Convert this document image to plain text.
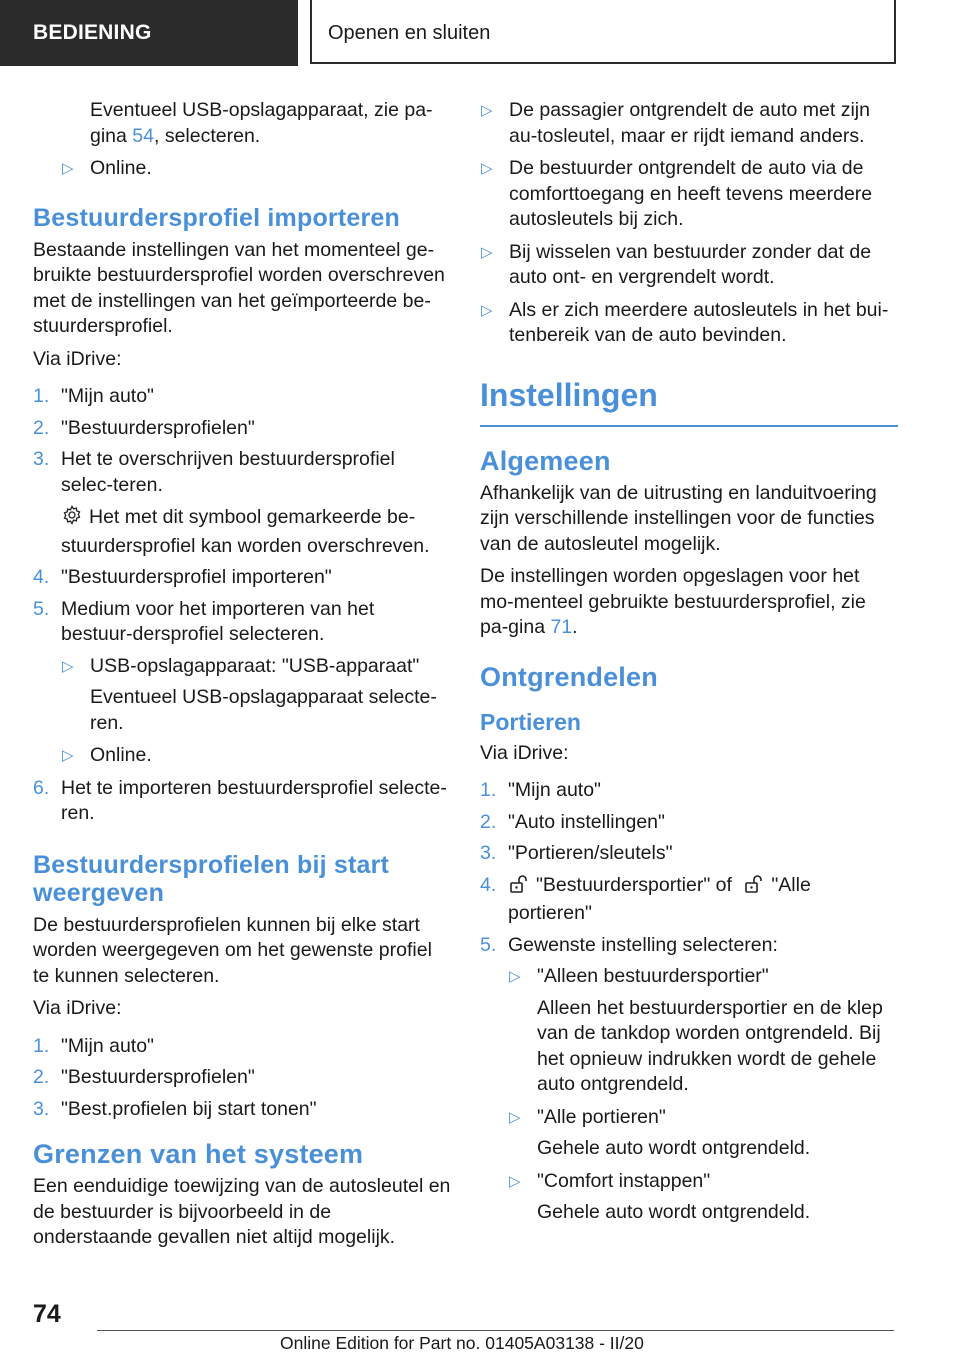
BEDIENING	Openen en sluiten

Eventueel USB-opslagapparaat, zie pa-gina 54, selecteren.

▷ Online.
Bestuurdersprofiel importeren

Bestaande instellingen van het momenteel ge-bruikte bestuurdersprofiel worden overschreven met de instellingen van het geïmporteerde be-stuurdersprofiel.

Via iDrive:

1. "Mijn auto"
2. "Bestuurdersprofielen"
3. Het te overschrijven bestuurdersprofiel selec-teren.
Het met dit symbool gemarkeerde be-stuurdersprofiel kan worden overschreven.
4. "Bestuurdersprofiel importeren"
5. Medium voor het importeren van het bestuur-dersprofiel selecteren.
▷ USB-opslagapparaat: "USB-apparaat"
Eventueel USB-opslagapparaat selecte-ren.
▷ Online.
6. Het te importeren bestuurdersprofiel selecte-ren.
Bestuurdersprofielen bij start weergeven

De bestuurdersprofielen kunnen bij elke start worden weergegeven om het gewenste profiel te kunnen selecteren.

Via iDrive:

1. "Mijn auto"
2. "Bestuurdersprofielen"
3. "Best.profielen bij start tonen"
Grenzen van het systeem

Een eenduidige toewijzing van de autosleutel en de bestuurder is bijvoorbeeld in de onderstaande gevallen niet altijd mogelijk.

▷ De passagier ontgrendelt de auto met zijn au-tosleutel, maar er rijdt iemand anders.
▷ De bestuurder ontgrendelt de auto via de comforttoegang en heeft tevens meerdere autosleutels bij zich.
▷ Bij wisselen van bestuurder zonder dat de auto ont- en vergrendelt wordt.
▷ Als er zich meerdere autosleutels in het bui-tenbereik van de auto bevinden.
Instellingen
Algemeen

Afhankelijk van de uitrusting en landuitvoering zijn verschillende instellingen voor de functies van de autosleutel mogelijk.

De instellingen worden opgeslagen voor het mo-menteel gebruikte bestuurdersprofiel, zie pa-gina 71.

Ontgrendelen
Portieren

Via iDrive:

1. "Mijn auto"
2. "Auto instellingen"
3. "Portieren/sleutels"
4. "Bestuurdersportier" of "Alle portieren"
5. Gewenste instelling selecteren:
▷ "Alleen bestuurdersportier"
Alleen het bestuurdersportier en de klep van de tankdop worden ontgrendeld. Bij het opnieuw indrukken wordt de gehele auto ontgrendeld.
▷ "Alle portieren"
Gehele auto wordt ontgrendeld.
▷ "Comfort instappen"
Gehele auto wordt ontgrendeld.
74
Online Edition for Part no. 01405A03138 - II/20
